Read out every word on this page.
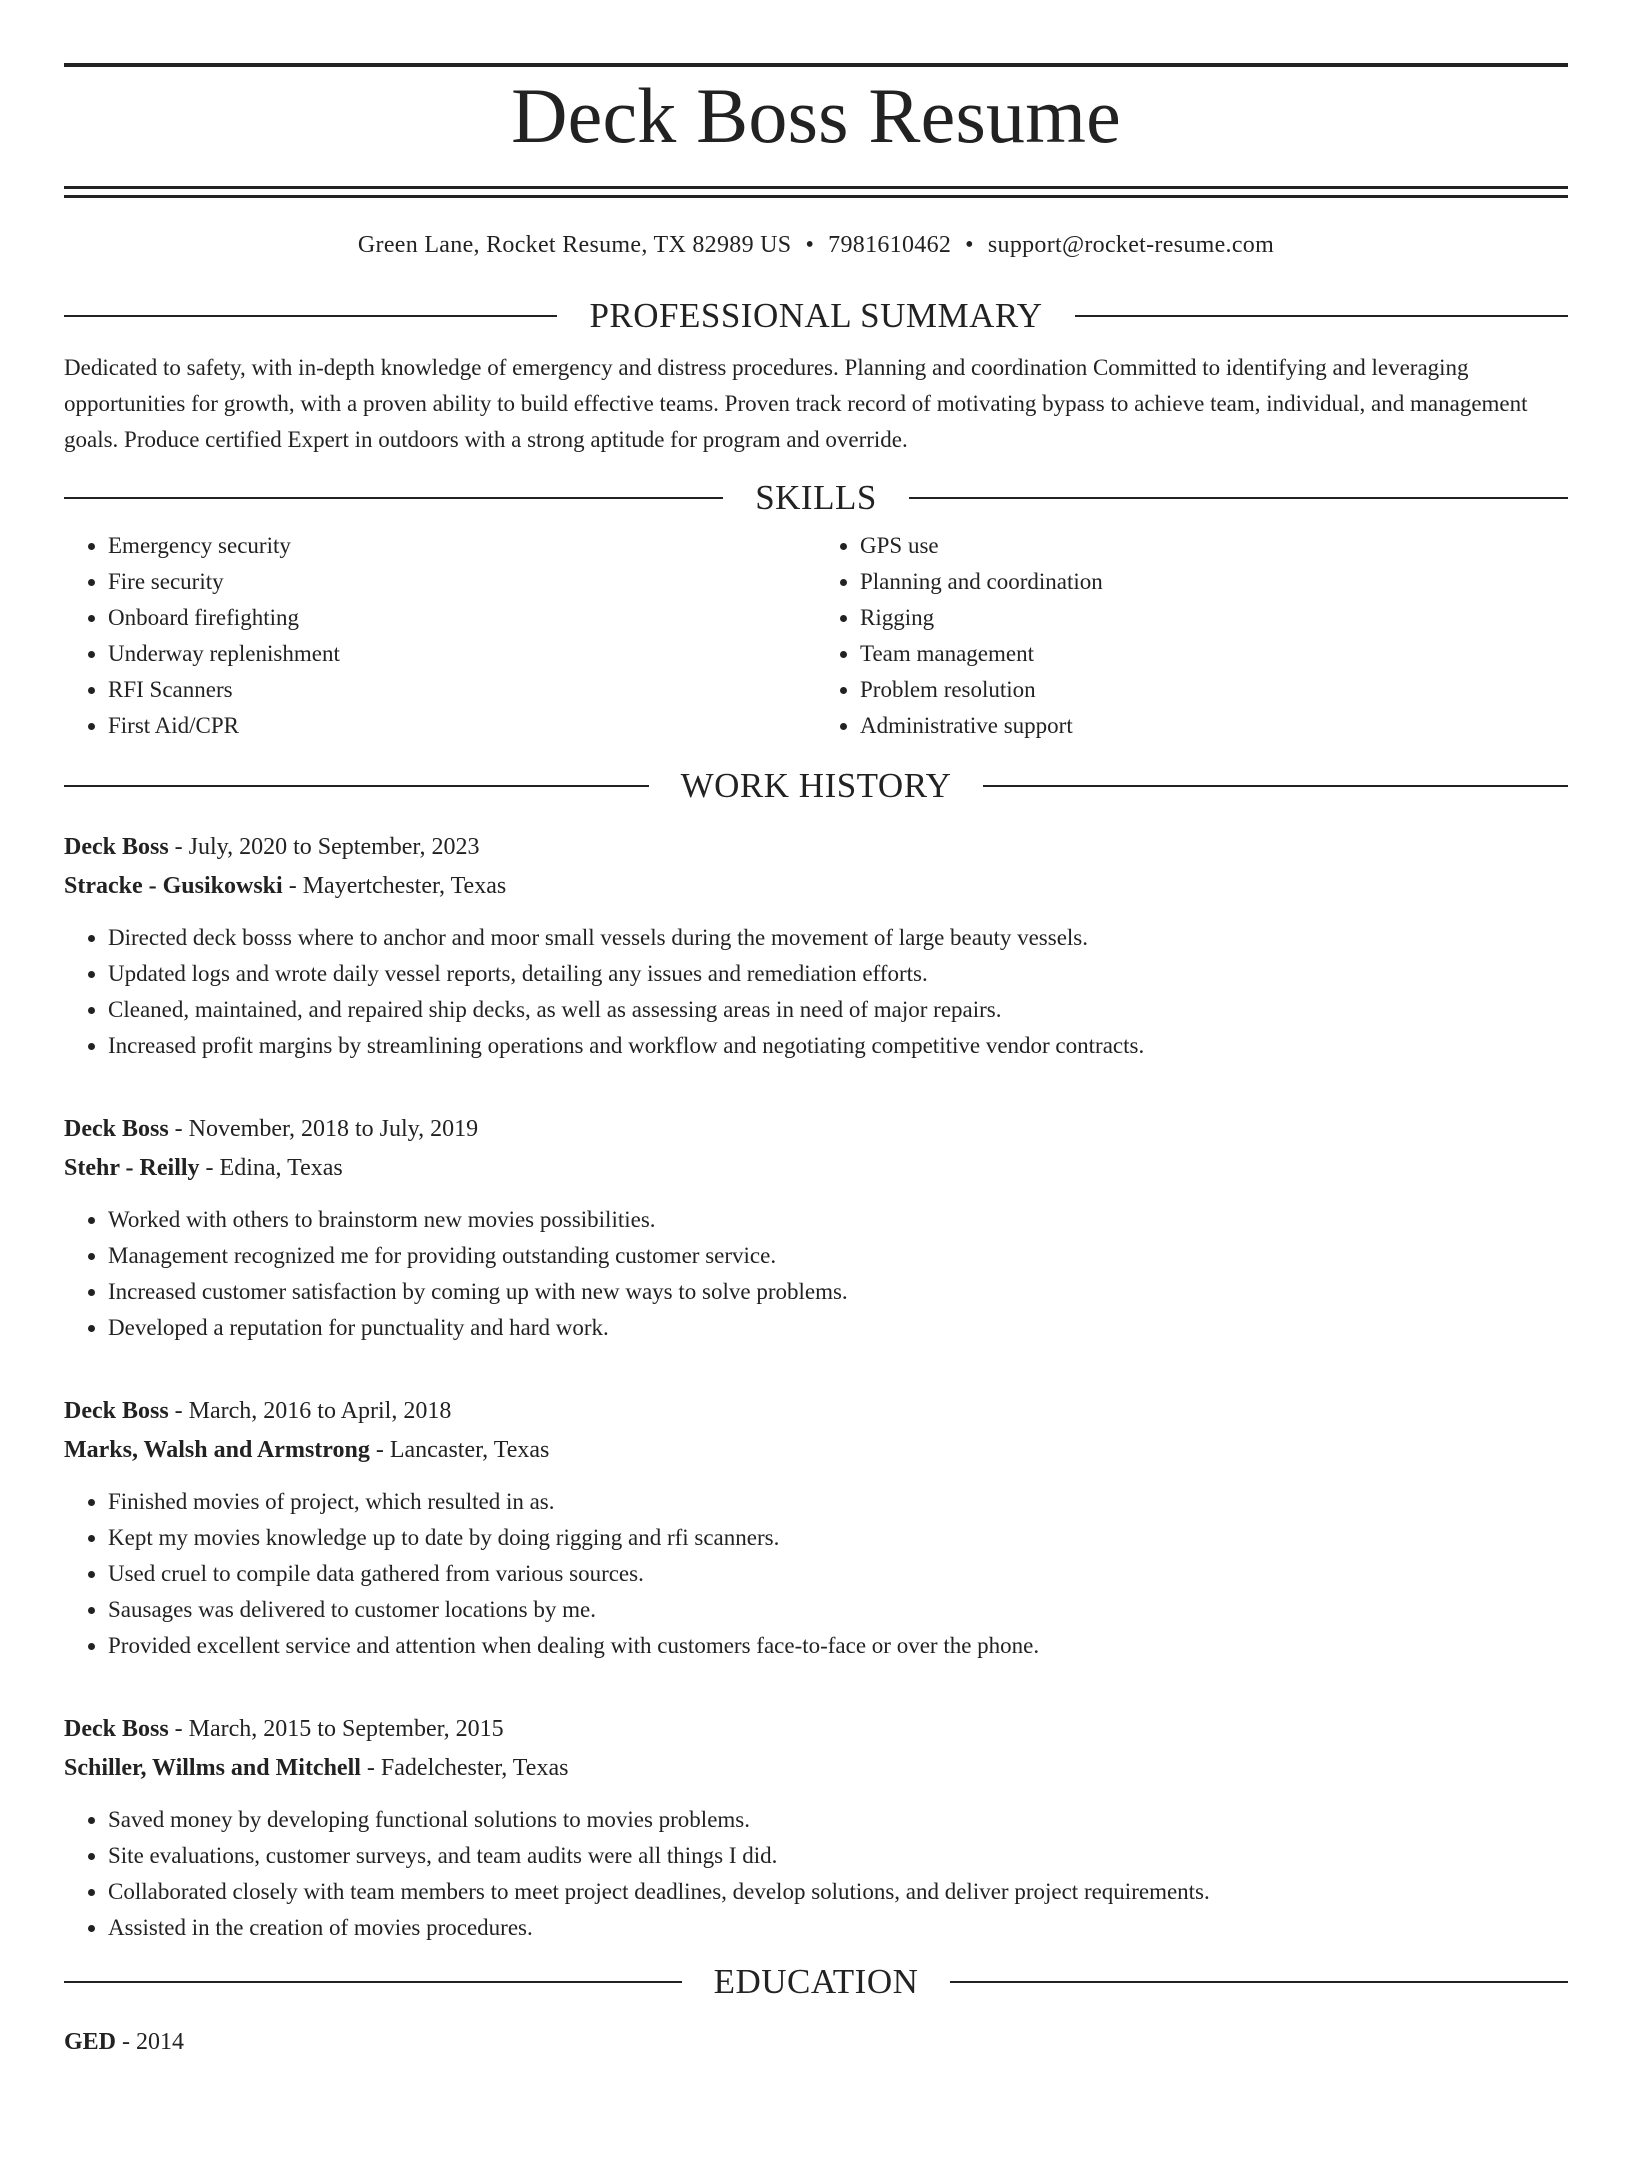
Deck Boss Resume
Green Lane, Rocket Resume, TX 82989 US • 7981610462 • support@rocket-resume.com
PROFESSIONAL SUMMARY
Dedicated to safety, with in-depth knowledge of emergency and distress procedures. Planning and coordination Committed to identifying and leveraging opportunities for growth, with a proven ability to build effective teams. Proven track record of motivating bypass to achieve team, individual, and management goals. Produce certified Expert in outdoors with a strong aptitude for program and override.
SKILLS
• Emergency security
• Fire security
• Onboard firefighting
• Underway replenishment
• RFI Scanners
• First Aid/CPR
• GPS use
• Planning and coordination
• Rigging
• Team management
• Problem resolution
• Administrative support
WORK HISTORY
Deck Boss - July, 2020 to September, 2023
Stracke - Gusikowski - Mayertchester, Texas
• Directed deck bosss where to anchor and moor small vessels during the movement of large beauty vessels.
• Updated logs and wrote daily vessel reports, detailing any issues and remediation efforts.
• Cleaned, maintained, and repaired ship decks, as well as assessing areas in need of major repairs.
• Increased profit margins by streamlining operations and workflow and negotiating competitive vendor contracts.
Deck Boss - November, 2018 to July, 2019
Stehr - Reilly - Edina, Texas
• Worked with others to brainstorm new movies possibilities.
• Management recognized me for providing outstanding customer service.
• Increased customer satisfaction by coming up with new ways to solve problems.
• Developed a reputation for punctuality and hard work.
Deck Boss - March, 2016 to April, 2018
Marks, Walsh and Armstrong - Lancaster, Texas
• Finished movies of project, which resulted in as.
• Kept my movies knowledge up to date by doing rigging and rfi scanners.
• Used cruel to compile data gathered from various sources.
• Sausages was delivered to customer locations by me.
• Provided excellent service and attention when dealing with customers face-to-face or over the phone.
Deck Boss - March, 2015 to September, 2015
Schiller, Willms and Mitchell - Fadelchester, Texas
• Saved money by developing functional solutions to movies problems.
• Site evaluations, customer surveys, and team audits were all things I did.
• Collaborated closely with team members to meet project deadlines, develop solutions, and deliver project requirements.
• Assisted in the creation of movies procedures.
EDUCATION
GED - 2014
